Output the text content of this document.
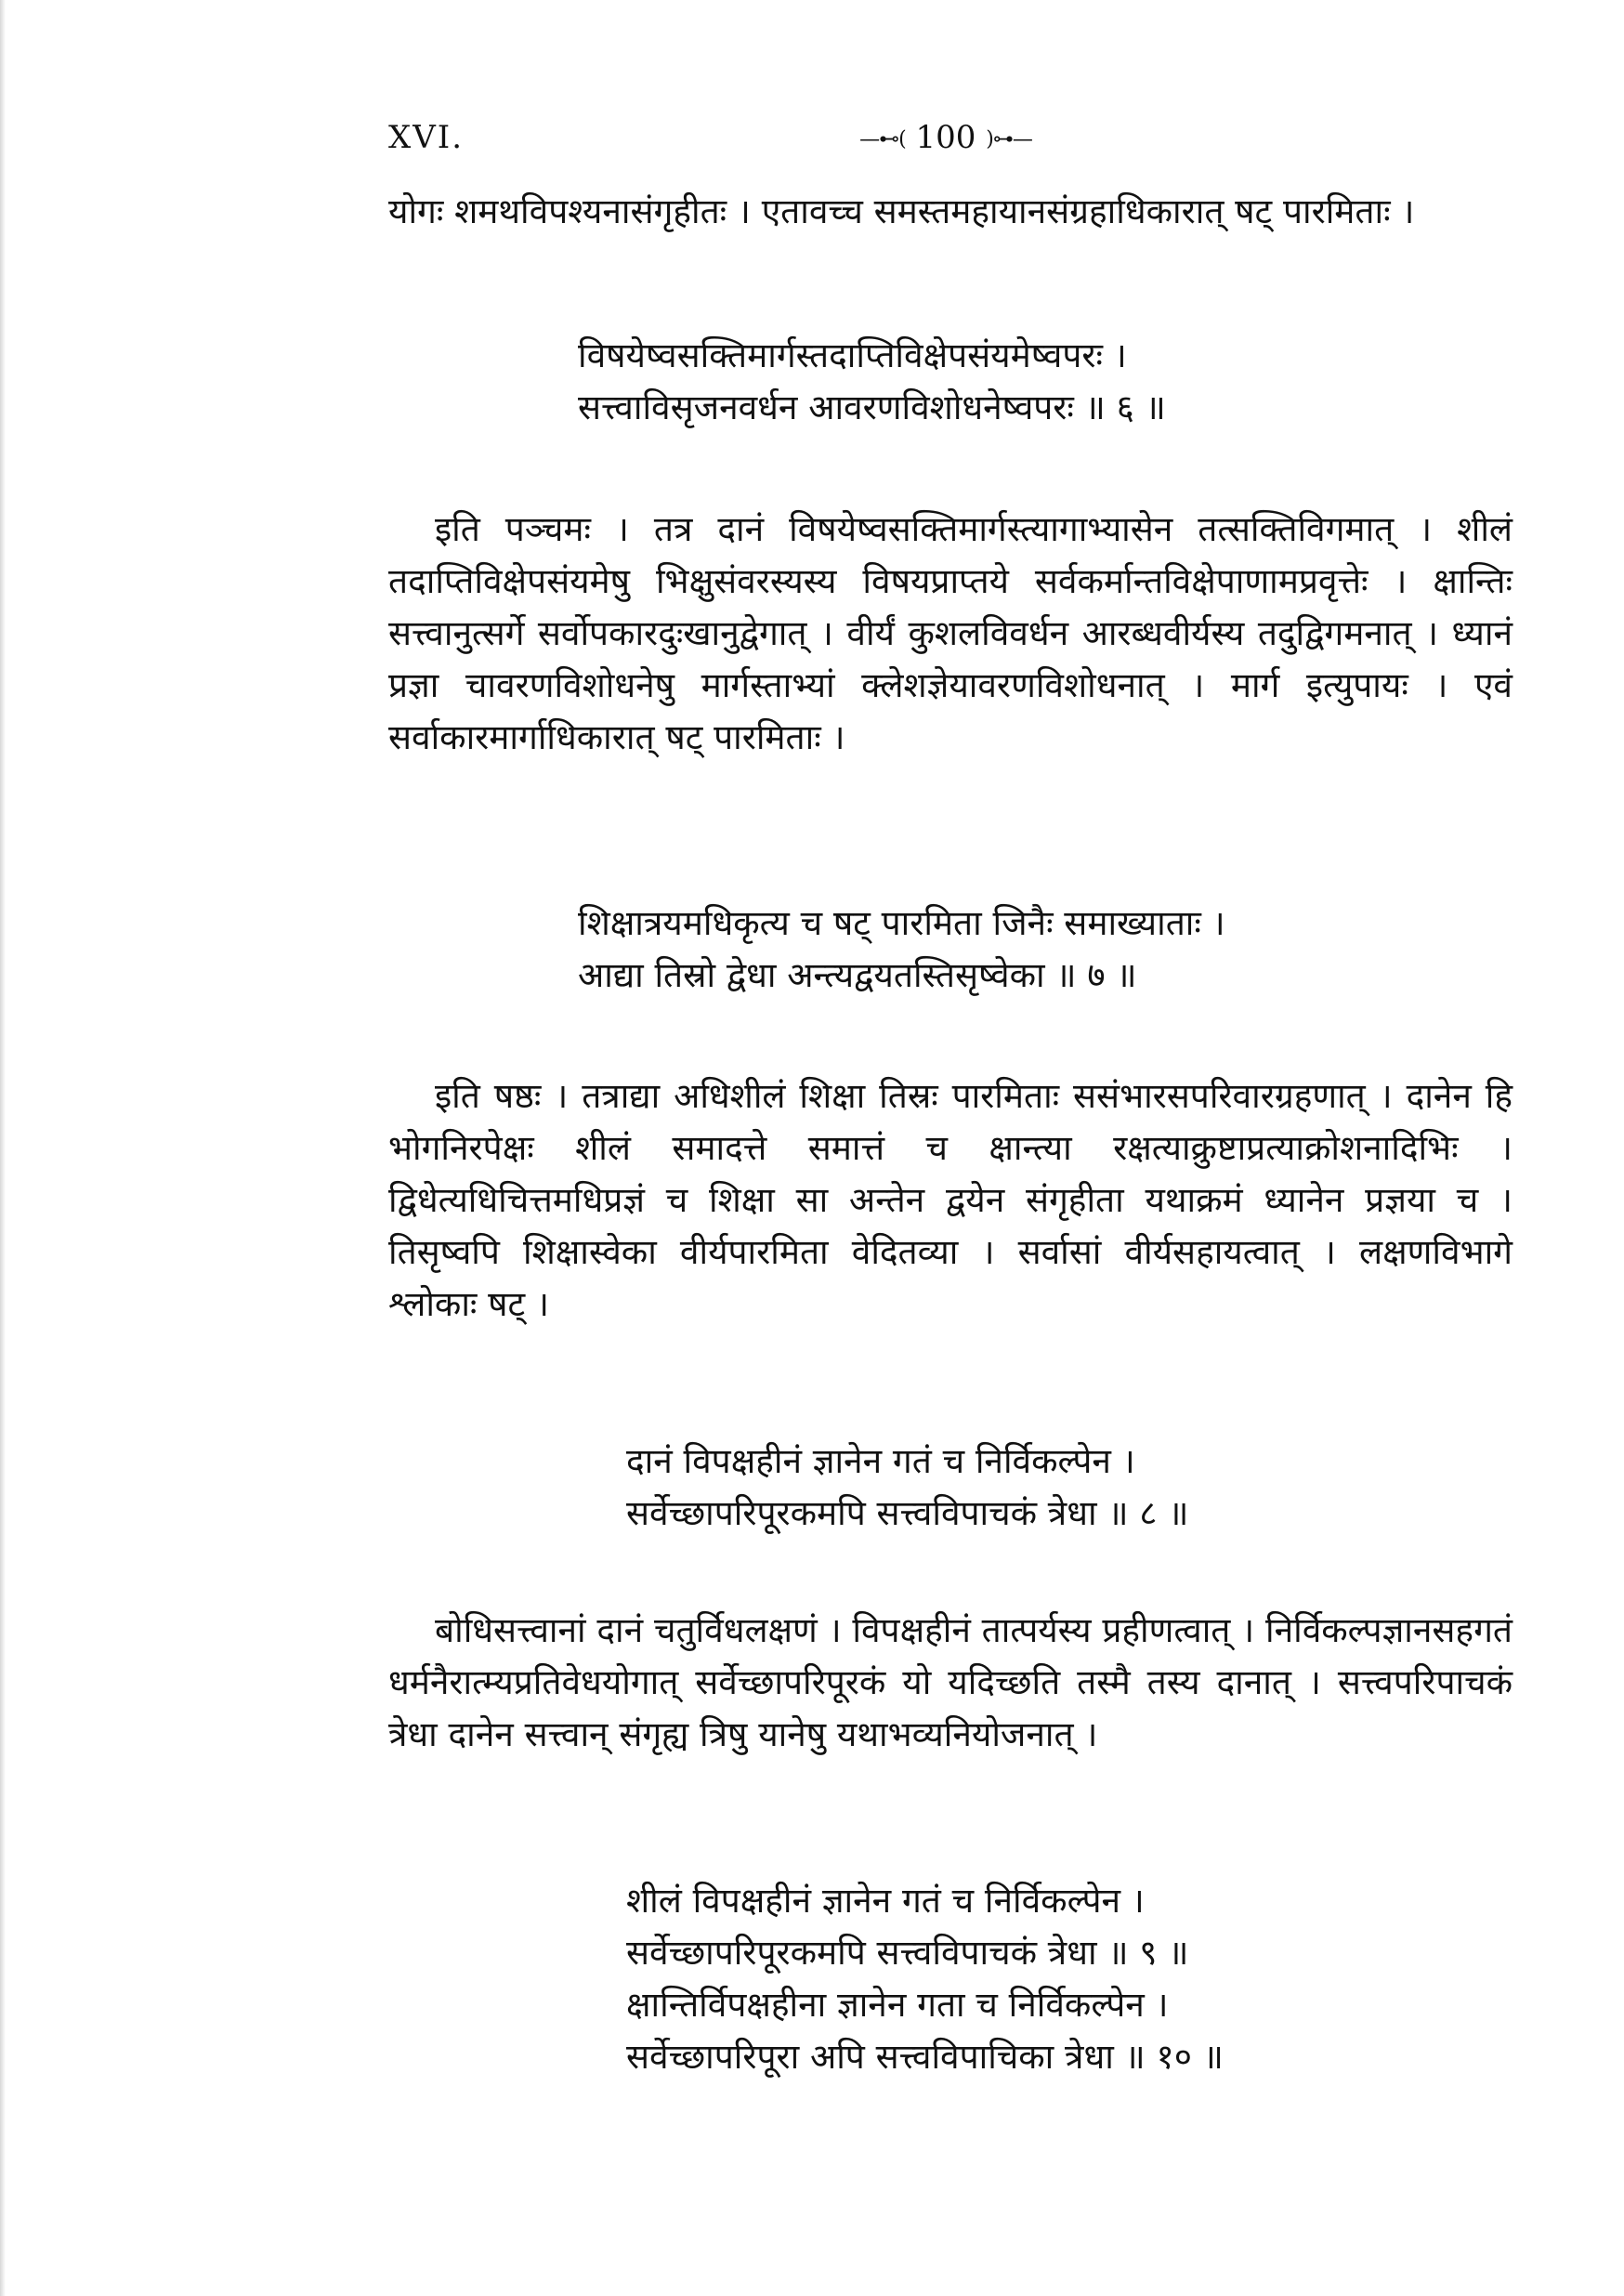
XVI.	—⊷( 100 )⊶—

योगः शमथविपश्यनासंगृहीतः । एतावच्च समस्तमहायानसंग्रहाधिकारात् षट् पारमिताः ।

विषयेष्वसक्तिमार्गस्तदाप्तिविक्षेपसंयमेष्वपरः ।
सत्त्वाविसृजनवर्धन आवरणविशोधनेष्वपरः ॥ ६ ॥

इति पञ्चमः । तत्र दानं विषयेष्वसक्तिमार्गस्त्यागाभ्यासेन तत्सक्तिविगमात् । शीलं तदाप्तिविक्षेपसंयमेषु भिक्षुसंवरस्यस्य विषयप्राप्तये सर्वकर्मान्तविक्षेपाणामप्रवृत्तेः । क्षान्तिः सत्त्वानुत्सर्गे सर्वोपकारदुःखानुद्वेगात् । वीर्यं कुशलविवर्धन आरब्धवीर्यस्य तदुद्विगमनात् । ध्यानं प्रज्ञा चावरणविशोधनेषु मार्गस्ताभ्यां क्लेशज्ञेयावरणविशोधनात् । मार्ग इत्युपायः । एवं सर्वाकारमार्गाधिकारात् षट् पारमिताः ।

शिक्षात्रयमधिकृत्य च षट् पारमिता जिनैः समाख्याताः ।
आद्या तिस्रो द्वेधा अन्त्यद्वयतस्तिसृष्वेका ॥ ७ ॥

इति षष्ठः । तत्राद्या अधिशीलं शिक्षा तिस्रः पारमिताः ससंभारसपरिवारग्रहणात् । दानेन हि भोगनिरपेक्षः शीलं समादत्ते समात्तं च क्षान्त्या रक्षत्याक्रुष्टाप्रत्याक्रोशनादिभिः । द्विधेत्यधिचित्तमधिप्रज्ञं च शिक्षा सा अन्तेन द्वयेन संगृहीता यथाक्रमं ध्यानेन प्रज्ञया च । तिसृष्वपि शिक्षास्वेका वीर्यपारमिता वेदितव्या । सर्वासां वीर्यसहायत्वात् । लक्षणविभागे श्लोकाः षट् ।

दानं विपक्षहीनं ज्ञानेन गतं च निर्विकल्पेन ।
सर्वेच्छापरिपूरकमपि सत्त्वविपाचकं त्रेधा ॥ ८ ॥

बोधिसत्त्वानां दानं चतुर्विधलक्षणं । विपक्षहीनं तात्पर्यस्य प्रहीणत्वात् । निर्विकल्पज्ञानसहगतं धर्मनैरात्म्यप्रतिवेधयोगात् सर्वेच्छापरिपूरकं यो यदिच्छति तस्मै तस्य दानात् । सत्त्वपरिपाचकं त्रेधा दानेन सत्त्वान् संगृह्य त्रिषु यानेषु यथाभव्यनियोजनात् ।

शीलं विपक्षहीनं ज्ञानेन गतं च निर्विकल्पेन ।
सर्वेच्छापरिपूरकमपि सत्त्वविपाचकं त्रेधा ॥ ९ ॥
क्षान्तिर्विपक्षहीना ज्ञानेन गता च निर्विकल्पेन ।
सर्वेच्छापरिपूरा अपि सत्त्वविपाचिका त्रेधा ॥ १० ॥
